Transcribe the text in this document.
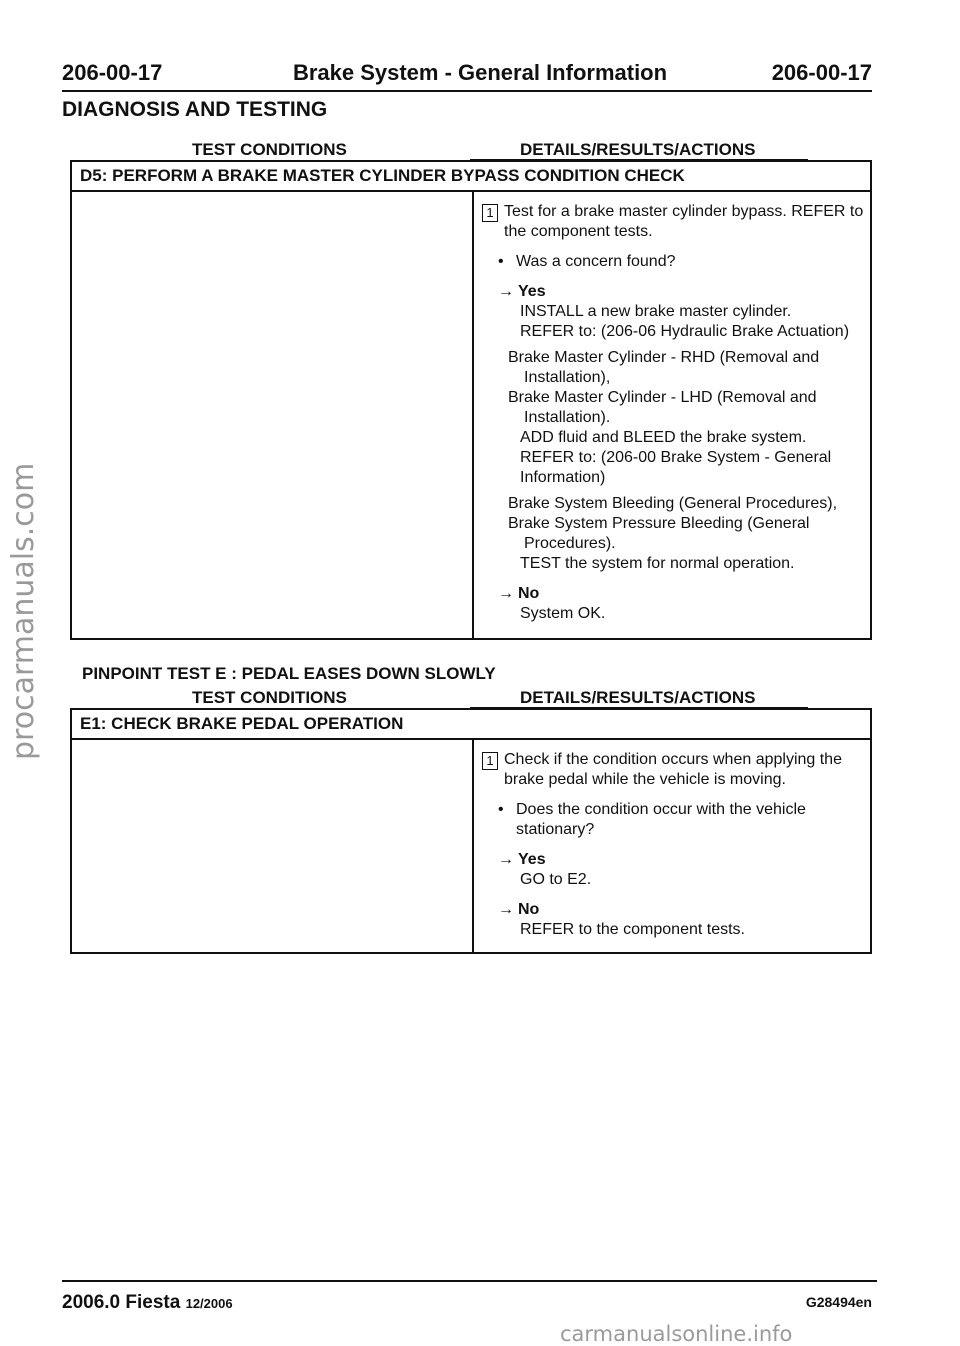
206-00-17	Brake System - General Information	206-00-17
DIAGNOSIS AND TESTING
TEST CONDITIONS	DETAILS/RESULTS/ACTIONS
D5: PERFORM A BRAKE MASTER CYLINDER BYPASS CONDITION CHECK
1 Test for a brake master cylinder bypass. REFER to the component tests.
• Was a concern found?
→ Yes
INSTALL a new brake master cylinder.
REFER to: (206-06 Hydraulic Brake Actuation)
Brake Master Cylinder - RHD (Removal and Installation),
Brake Master Cylinder - LHD (Removal and Installation).
ADD fluid and BLEED the brake system.
REFER to: (206-00 Brake System - General Information)
Brake System Bleeding (General Procedures),
Brake System Pressure Bleeding (General Procedures).
TEST the system for normal operation.
→ No
System OK.
PINPOINT TEST E : PEDAL EASES DOWN SLOWLY
TEST CONDITIONS	DETAILS/RESULTS/ACTIONS
E1: CHECK BRAKE PEDAL OPERATION
1 Check if the condition occurs when applying the brake pedal while the vehicle is moving.
• Does the condition occur with the vehicle stationary?
→ Yes
GO to E2.
→ No
REFER to the component tests.
2006.0 Fiesta 12/2006	G28494en
procarmanuals.com
carmanualsonline.info
